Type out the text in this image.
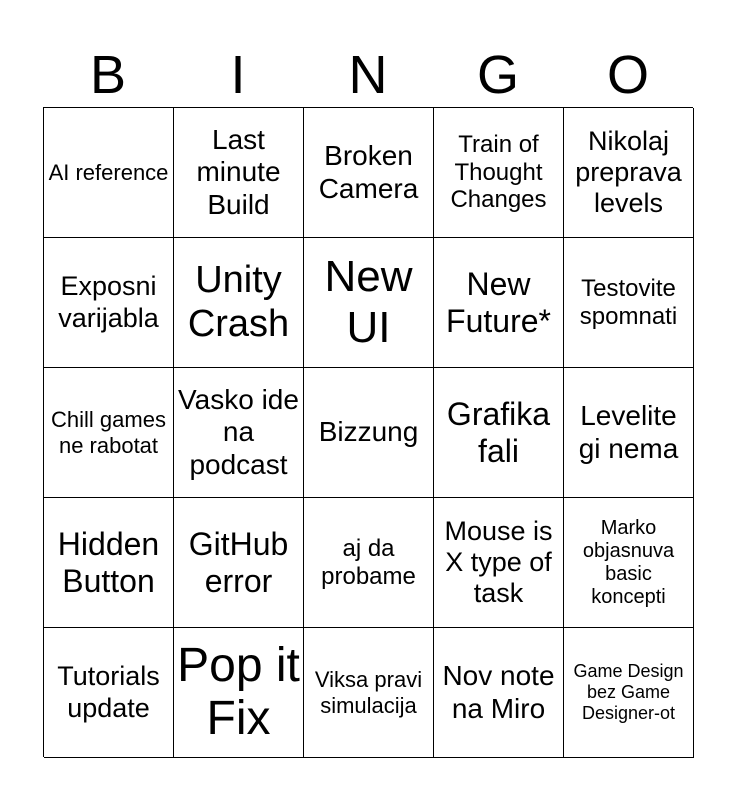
B	I	N	G	O
AI reference
Last minute Build
Broken Camera
Train of Thought Changes
Nikolaj preprava levels
Exposni varijabla
Unity Crash
New UI
New Future*
Testovite spomnati
Chill games ne rabotat
Vasko ide na podcast
Bizzung
Grafika fali
Levelite gi nema
Hidden Button
GitHub error
aj da probame
Mouse is X type of task
Marko objasnuva basic koncepti
Tutorials update
Pop it Fix
Viksa pravi simulacija
Nov note na Miro
Game Design bez Game Designer-ot
